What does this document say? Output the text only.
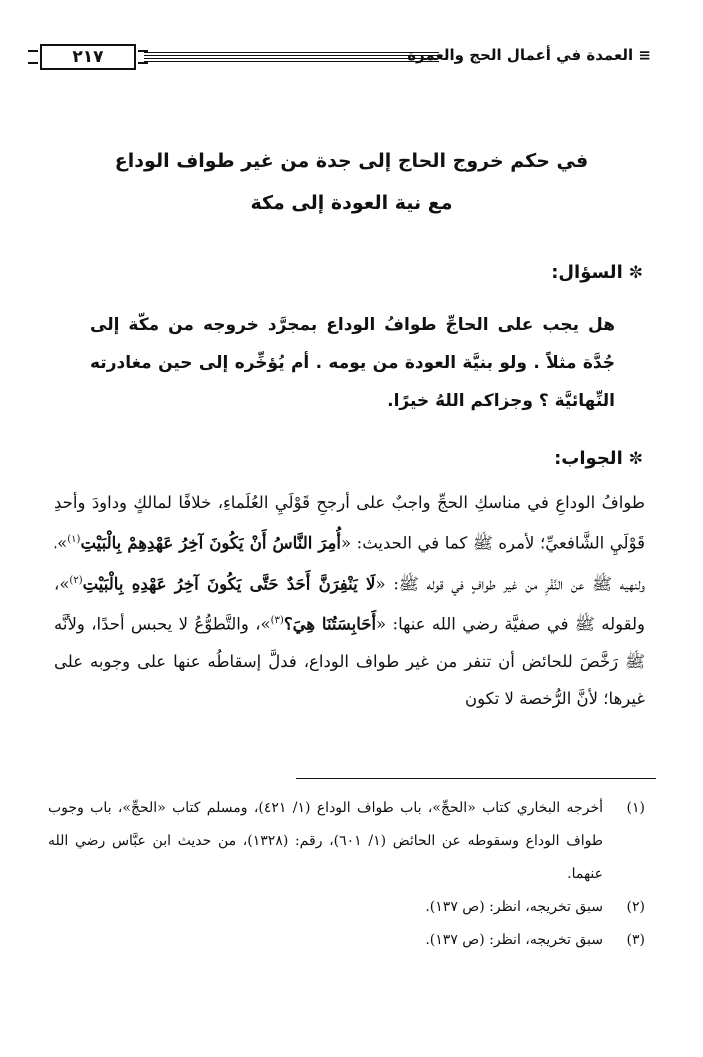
≡ العمدة في أعمال الحج والعمرة
٢١٧
في حكم خروج الحاج إلى جدة من غير طواف الوداع
مع نية العودة إلى مكة
✼السؤال:
هل يجب على الحاجِّ طوافُ الوداع بمجرَّد خروجه من مكّة إلى جُدَّة مثلاً . ولو بنيَّة العودة من يومه . أم يُؤخِّره إلى حين مغادرته النِّهائيَّة ؟ وجزاكم اللهُ خيرًا.
✼الجواب:
طوافُ الوداعِ في مناسكِ الحجِّ واجبٌ على أرجحِ قَوْلَيِ العُلَماءِ، خلافًا لمالكٍ وداودَ وأحدِ قَوْلَيِ الشَّافعيِّ؛ لأمره ﷺ كما في الحديث: «أُمِرَ النَّاسُ أَنْ يَكُونَ آخِرُ عَهْدِهِمْ بِالْبَيْتِ$^{(١)}$»، ولنهيه ﷺ عن النَّفْرِ من غير طوافٍ في قوله ﷺ: «لَا يَنْفِرَنَّ أَحَدٌ حَتَّى يَكُونَ آخِرُ عَهْدِهِ بِالْبَيْتِ$^{(٢)}$»، ولقوله ﷺ في صفيَّة رضي الله عنها: «أَحَابِسَتُنَا هِيَ؟$^{(٣)}$»، والتَّطوُّعُ لا يحبس أحدًا، ولأنَّه ﷺ رَخَّصَ للحائض أن تنفر من غير طواف الوداع، فدلَّ إسقاطُه عنها على وجوبه على غيرها؛ لأنَّ الرُّخصة لا تكون
(١)
أخرجه البخاري كتاب «الحجِّ»، باب طواف الوداع (١/ ٤٢١)، ومسلم كتاب «الحجِّ»، باب وجوب طواف الوداع وسقوطه عن الحائض (١/ ٦٠١)، رقم: (١٣٢٨)، من حديث ابن عبَّاس رضي الله عنهما.
(٢)
سبق تخريجه، انظر: (ص ١٣٧).
(٣)
سبق تخريجه، انظر: (ص ١٣٧).
